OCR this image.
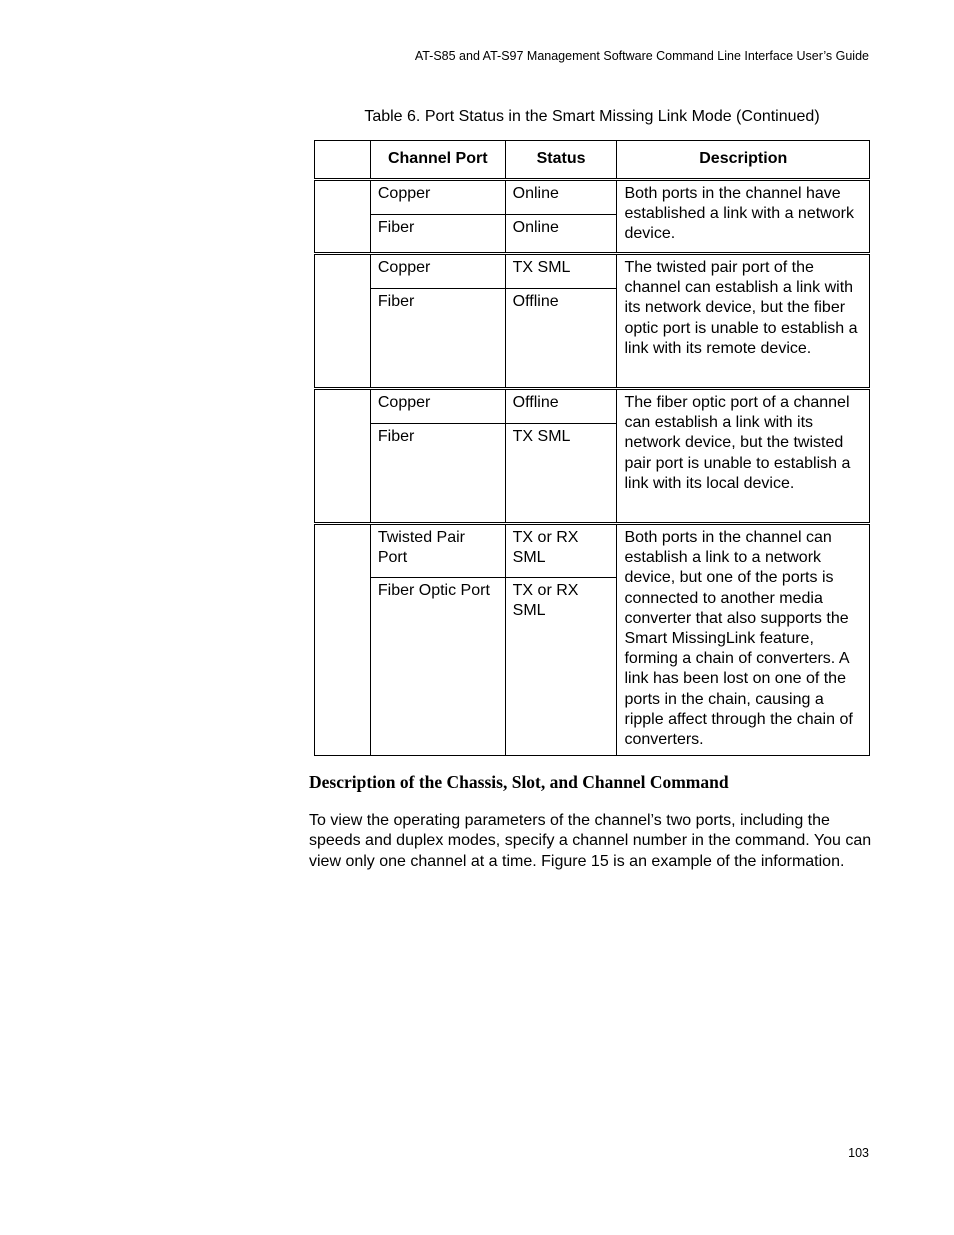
AT-S85 and AT-S97 Management Software Command Line Interface User’s Guide
Table 6. Port Status in the Smart Missing Link Mode (Continued)
	Channel Port	Status	Description
	Copper	Online	Both ports in the channel have established a link with a network device.
	Fiber	Online	
	Copper	TX SML	The twisted pair port of the channel can establish a link with its network device, but the fiber optic port is unable to establish a link with its remote device.
	Fiber	Offline	
	Copper	Offline	The fiber optic port of a channel can establish a link with its network device, but the twisted pair port is unable to establish a link with its local device.
	Fiber	TX SML	
	Twisted Pair Port	TX or RX SML	Both ports in the channel can establish a link to a network device, but one of the ports is connected to another media converter that also supports the Smart MissingLink feature, forming a chain of converters. A link has been lost on one of the ports in the chain, causing a ripple affect through the chain of converters.
	Fiber Optic Port	TX or RX SML	
Description of the Chassis, Slot, and Channel Command

To view the operating parameters of the channel’s two ports, including the speeds and duplex modes, specify a channel number in the command. You can view only one channel at a time. Figure 15 is an example of the information.

103
